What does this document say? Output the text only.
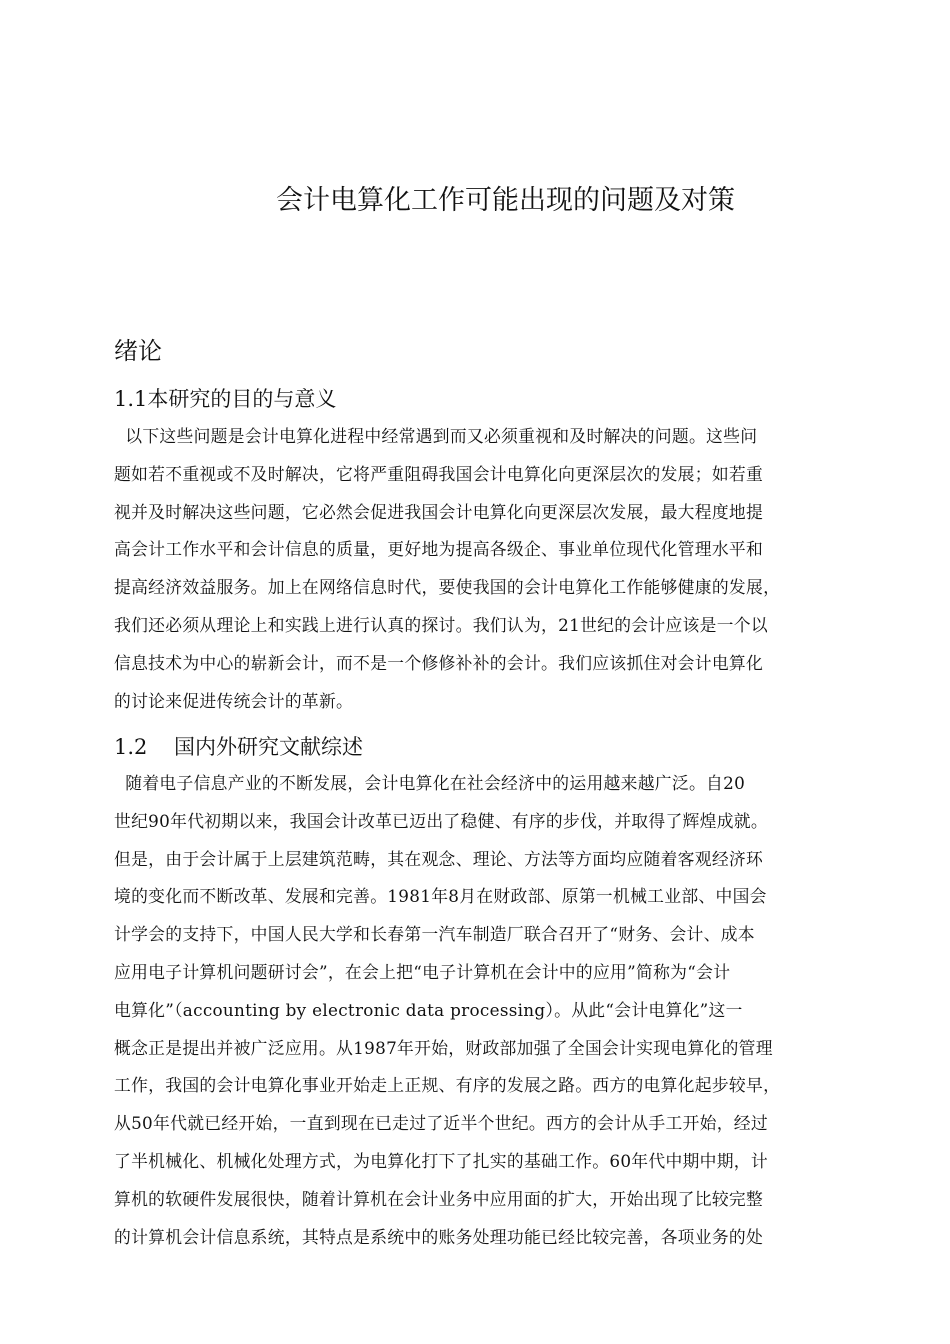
会计电算化工作可能出现的问题及对策
绪论
1.1本研究的目的与意义
以下这些问题是会计电算化进程中经常遇到而又必须重视和及时解决的问题。这些问
题如若不重视或不及时解决，它将严重阻碍我国会计电算化向更深层次的发展；如若重
视并及时解决这些问题，它必然会促进我国会计电算化向更深层次发展，最大程度地提
高会计工作水平和会计信息的质量，更好地为提高各级企、事业单位现代化管理水平和
提高经济效益服务。加上在网络信息时代，要使我国的会计电算化工作能够健康的发展，
我们还必须从理论上和实践上进行认真的探讨。我们认为，21世纪的会计应该是一个以
信息技术为中心的崭新会计，而不是一个修修补补的会计。我们应该抓住对会计电算化
的讨论来促进传统会计的革新。
1.2 国内外研究文献综述
随着电子信息产业的不断发展，会计电算化在社会经济中的运用越来越广泛。自20
世纪90年代初期以来，我国会计改革已迈出了稳健、有序的步伐，并取得了辉煌成就。
但是，由于会计属于上层建筑范畴，其在观念、理论、方法等方面均应随着客观经济环
境的变化而不断改革、发展和完善。1981年8月在财政部、原第一机械工业部、中国会
计学会的支持下，中国人民大学和长春第一汽车制造厂联合召开了“财务、会计、成本
应用电子计算机问题研讨会”，在会上把“电子计算机在会计中的应用”简称为“会计
电算化”（accounting by electronic data processing）。从此“会计电算化”这一
概念正是提出并被广泛应用。从1987年开始，财政部加强了全国会计实现电算化的管理
工作，我国的会计电算化事业开始走上正规、有序的发展之路。西方的电算化起步较早，
从50年代就已经开始，一直到现在已走过了近半个世纪。西方的会计从手工开始，经过
了半机械化、机械化处理方式，为电算化打下了扎实的基础工作。60年代中期中期，计
算机的软硬件发展很快，随着计算机在会计业务中应用面的扩大，开始出现了比较完整
的计算机会计信息系统，其特点是系统中的账务处理功能已经比较完善，各项业务的处
